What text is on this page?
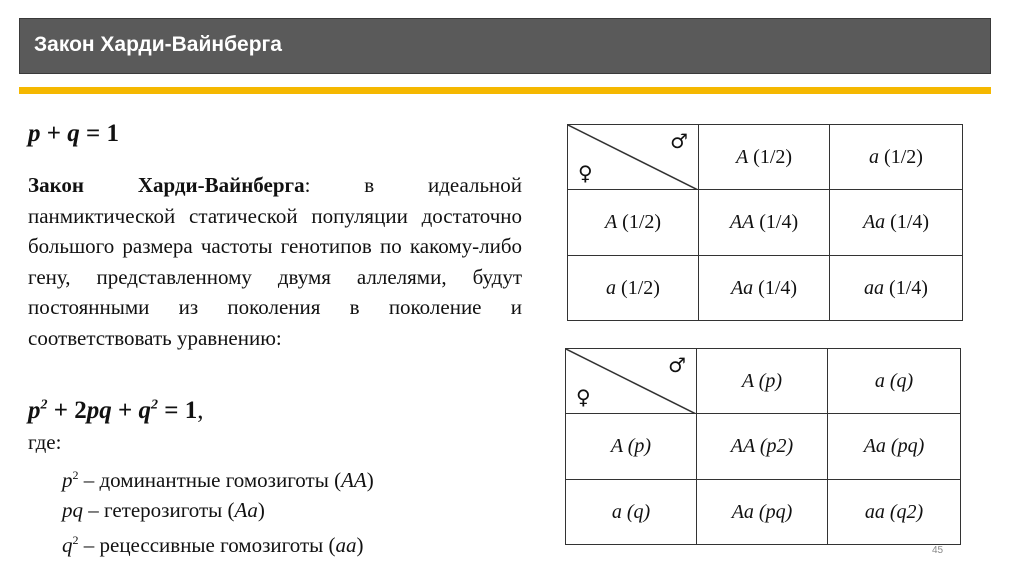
Закон Харди-Вайнберга
p + q = 1
Закон Харди-Вайнберга: в идеальной панмиктической статической популяции достаточно большого размера частоты генотипов по какому-либо гену, представленному двумя аллелями, будут постоянными из поколения в поколение и соответствовать уравнению:
$p^2 + 2pq + q^2 = 1$,
где:
$p^2$ – доминантные гомозиготы (AA)
pq – гетерозиготы (Aa)
$q^2$ – рецессивные гомозиготы (aa)
♂
♀	A (1/2)	a (1/2)
A (1/2)	AA (1/4)	Aa (1/4)
a (1/2)	Aa (1/4)	aa (1/4)
♂
♀	A (p)	a (q)
A (p)	AA (p2)	Aa (pq)
a (q)	Aa (pq)	aa (q2)
45
